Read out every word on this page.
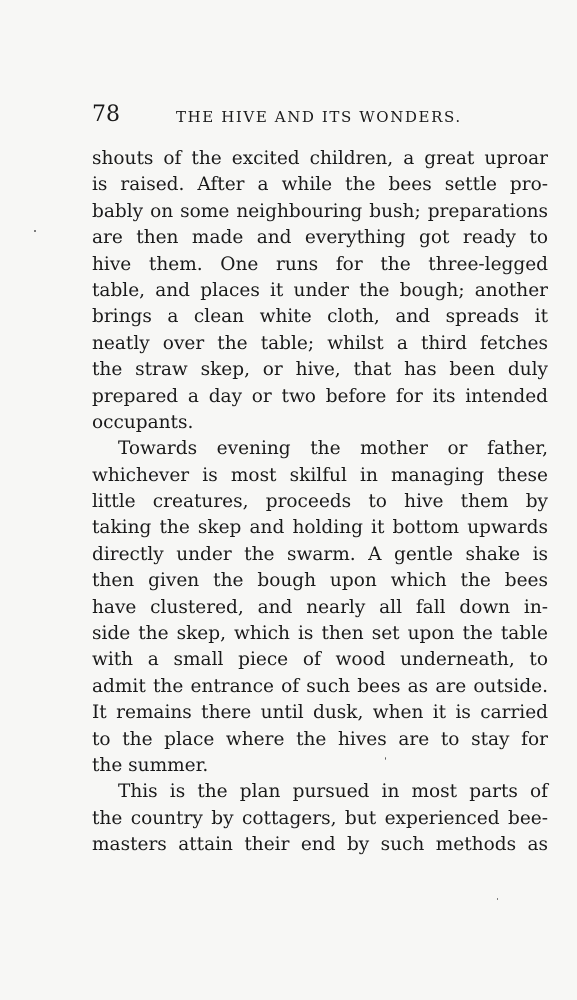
78	THE HIVE AND ITS WONDERS.
shouts of the excited children, a great uproar
is raised. After a while the bees settle pro-
bably on some neighbouring bush; preparations
are then made and everything got ready to
hive them. One runs for the three-legged
table, and places it under the bough; another
brings a clean white cloth, and spreads it
neatly over the table; whilst a third fetches
the straw skep, or hive, that has been duly
prepared a day or two before for its intended
occupants.
Towards evening the mother or father,
whichever is most skilful in managing these
little creatures, proceeds to hive them by
taking the skep and holding it bottom upwards
directly under the swarm. A gentle shake is
then given the bough upon which the bees
have clustered, and nearly all fall down in-
side the skep, which is then set upon the table
with a small piece of wood underneath, to
admit the entrance of such bees as are outside.
It remains there until dusk, when it is carried
to the place where the hives are to stay for
the summer.
This is the plan pursued in most parts of
the country by cottagers, but experienced bee-
masters attain their end by such methods as
